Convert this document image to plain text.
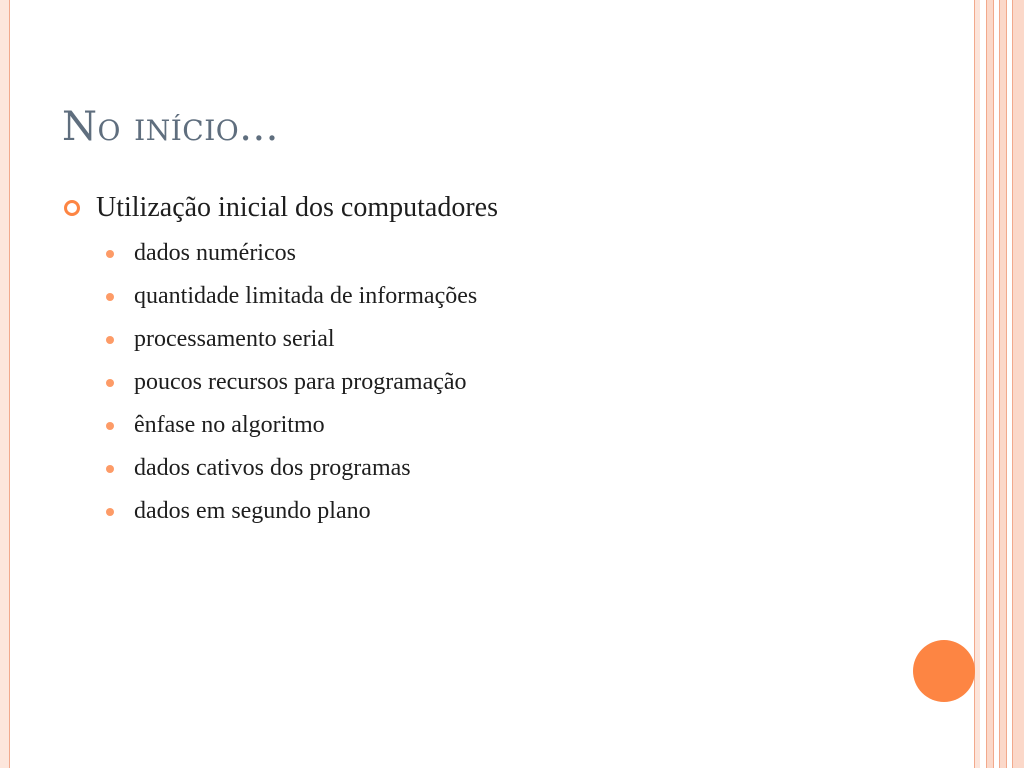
No início...
Utilização inicial dos computadores
dados numéricos
quantidade limitada de informações
processamento serial
poucos recursos para programação
ênfase no algoritmo
dados cativos dos programas
dados em segundo plano
